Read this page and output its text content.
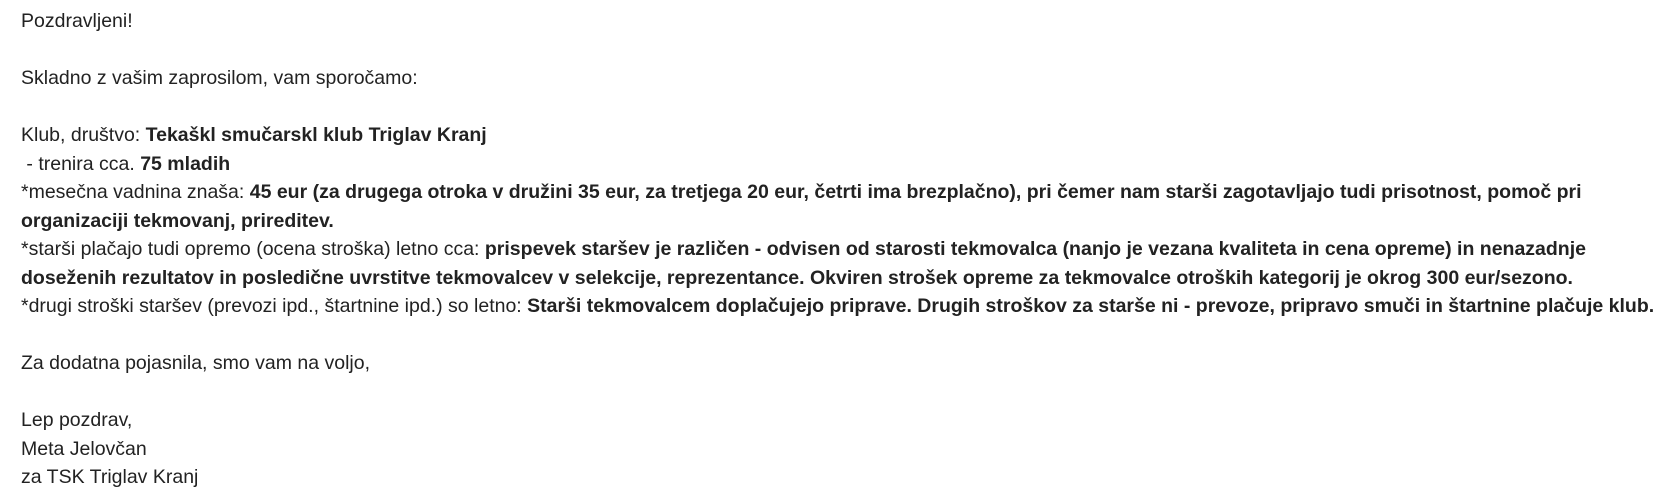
Pozdravljeni!
Skladno z vašim zaprosilom, vam sporočamo:
Klub, društvo: Tekaškl smučarskl klub Triglav Kranj
- trenira cca. 75 mladih
*mesečna vadnina znaša: 45 eur (za drugega otroka v družini 35 eur, za tretjega 20 eur, četrti ima brezplačno), pri čemer nam starši zagotavljajo tudi prisotnost, pomoč pri
organizaciji tekmovanj, prireditev.
*starši plačajo tudi opremo (ocena stroška) letno cca: prispevek staršev je različen - odvisen od starosti tekmovalca (nanjo je vezana kvaliteta in cena opreme) in nenazadnje
doseženih rezultatov in posledične uvrstitve tekmovalcev v selekcije, reprezentance. Okviren strošek opreme za tekmovalce otroških kategorij je okrog 300 eur/sezono.
*drugi stroški staršev (prevozi ipd., štartnine ipd.) so letno: Starši tekmovalcem doplačujejo priprave. Drugih stroškov za starše ni - prevoze, pripravo smuči in štartnine plačuje klub.
Za dodatna pojasnila, smo vam na voljo,
Lep pozdrav,
Meta Jelovčan
za TSK Triglav Kranj
